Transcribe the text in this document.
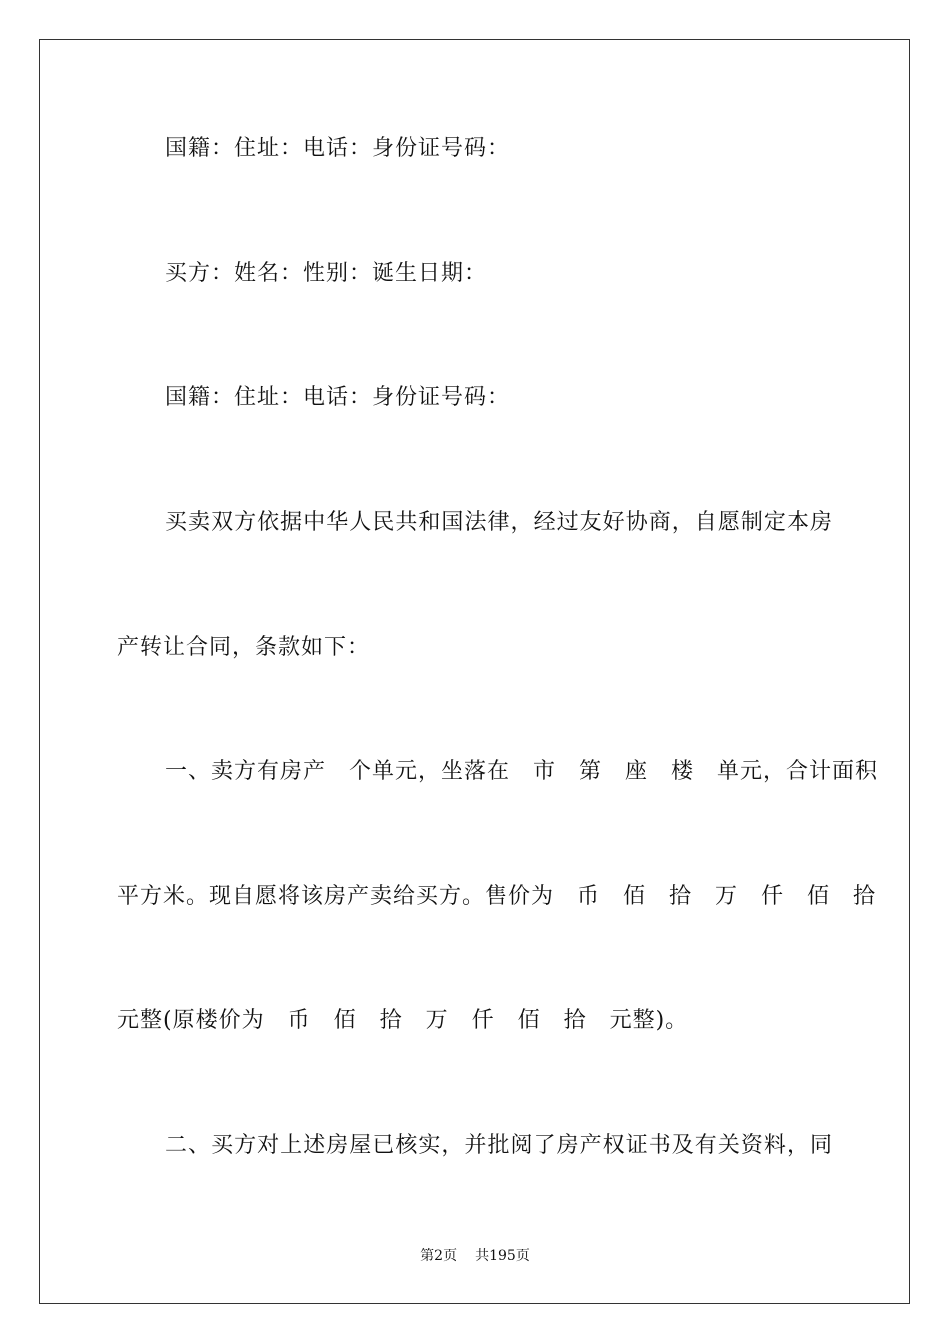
国籍：住址：电话：身份证号码：
买方：姓名：性别：诞生日期：
国籍：住址：电话：身份证号码：
买卖双方依据中华人民共和国法律，经过友好协商，自愿制定本房
产转让合同，条款如下：
一、卖方有房产　个单元，坐落在　市　第　座　楼　单元，合计面积
平方米。现自愿将该房产卖给买方。售价为　币　佰　拾　万　仟　佰　拾
元整(原楼价为　币　佰　拾　万　仟　佰　拾　元整)。
二、买方对上述房屋已核实，并批阅了房产权证书及有关资料，同
第2页 共195页
